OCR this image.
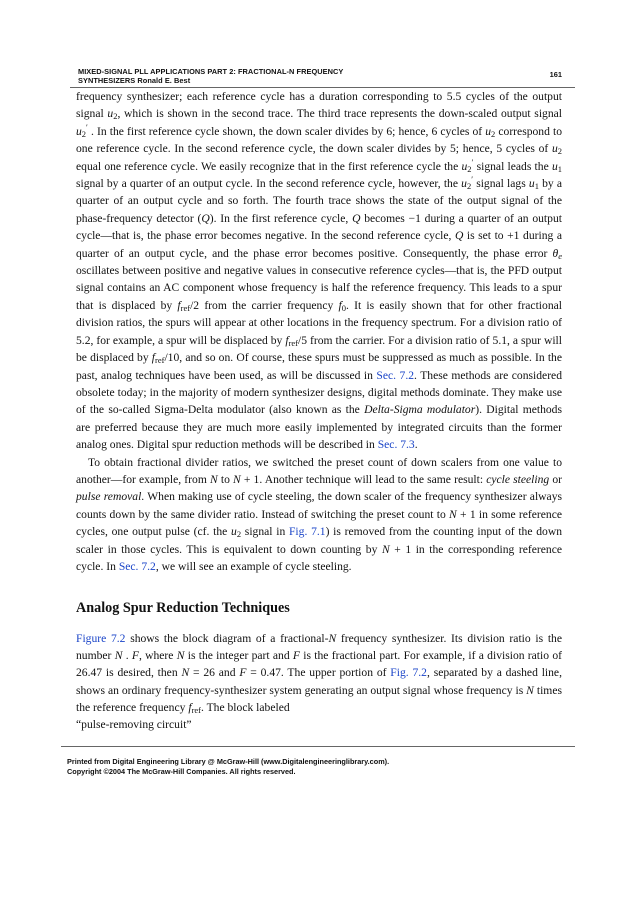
MIXED-SIGNAL PLL APPLICATIONS PART 2: FRACTIONAL-N FREQUENCY
SYNTHESIZERS Ronald E. Best
161

frequency synthesizer; each reference cycle has a duration corresponding to 5.5 cycles of the output signal $u_2$, which is shown in the second trace. The third trace represents the down-scaled output signal $u_2'$ . In the first reference cycle shown, the down scaler divides by 6; hence, 6 cycles of $u_2$ correspond to one reference cycle. In the second reference cycle, the down scaler divides by 5; hence, 5 cycles of $u_2$ equal one reference cycle. We easily recognize that in the first reference cycle the $u_2'$ signal leads the $u_1$ signal by a quarter of an output cycle. In the second reference cycle, however, the $u_2'$ signal lags $u_1$ by a quarter of an output cycle and so forth. The fourth trace shows the state of the output signal of the phase-frequency detector (Q). In the first reference cycle, Q becomes −1 during a quarter of an output cycle—that is, the phase error becomes negative. In the second reference cycle, Q is set to +1 during a quarter of an output cycle, and the phase error becomes positive. Consequently, the phase error $\theta_e$ oscillates between positive and negative values in consecutive reference cycles—that is, the PFD output signal contains an AC component whose frequency is half the reference frequency. This leads to a spur that is displaced by $f_{ref}/2$ from the carrier frequency $f_0$. It is easily shown that for other fractional division ratios, the spurs will appear at other locations in the frequency spectrum. For a division ratio of 5.2, for example, a spur will be displaced by $f_{ref}/5$ from the carrier. For a division ratio of 5.1, a spur will be displaced by $f_{ref}/10$, and so on. Of course, these spurs must be suppressed as much as possible. In the past, analog techniques have been used, as will be discussed in Sec. 7.2. These methods are considered obsolete today; in the majority of modern synthesizer designs, digital methods dominate. They make use of the so-called Sigma-Delta modulator (also known as the Delta-Sigma modulator). Digital methods are preferred because they are much more easily implemented by integrated circuits than the former analog ones. Digital spur reduction methods will be described in Sec. 7.3.

To obtain fractional divider ratios, we switched the preset count of down scalers from one value to another—for example, from N to N + 1. Another technique will lead to the same result: cycle steeling or pulse removal. When making use of cycle steeling, the down scaler of the frequency synthesizer always counts down by the same divider ratio. Instead of switching the preset count to N + 1 in some reference cycles, one output pulse (cf. the $u_2$ signal in Fig. 7.1) is removed from the counting input of the down scaler in those cycles. This is equivalent to down counting by N + 1 in the corresponding reference cycle. In Sec. 7.2, we will see an example of cycle steeling.

Analog Spur Reduction Techniques

Figure 7.2 shows the block diagram of a fractional-N frequency synthesizer. Its division ratio is the number N . F, where N is the integer part and F is the fractional part. For example, if a division ratio of 26.47 is desired, then N = 26 and F = 0.47. The upper portion of Fig. 7.2, separated by a dashed line, shows an ordinary frequency-synthesizer system generating an output signal whose frequency is N times the reference frequency $f_{ref}$. The block labeled

“pulse-removing circuit”

Printed from Digital Engineering Library @ McGraw-Hill (www.Digitalengineeringlibrary.com).
Copyright ©2004 The McGraw-Hill Companies. All rights reserved.
